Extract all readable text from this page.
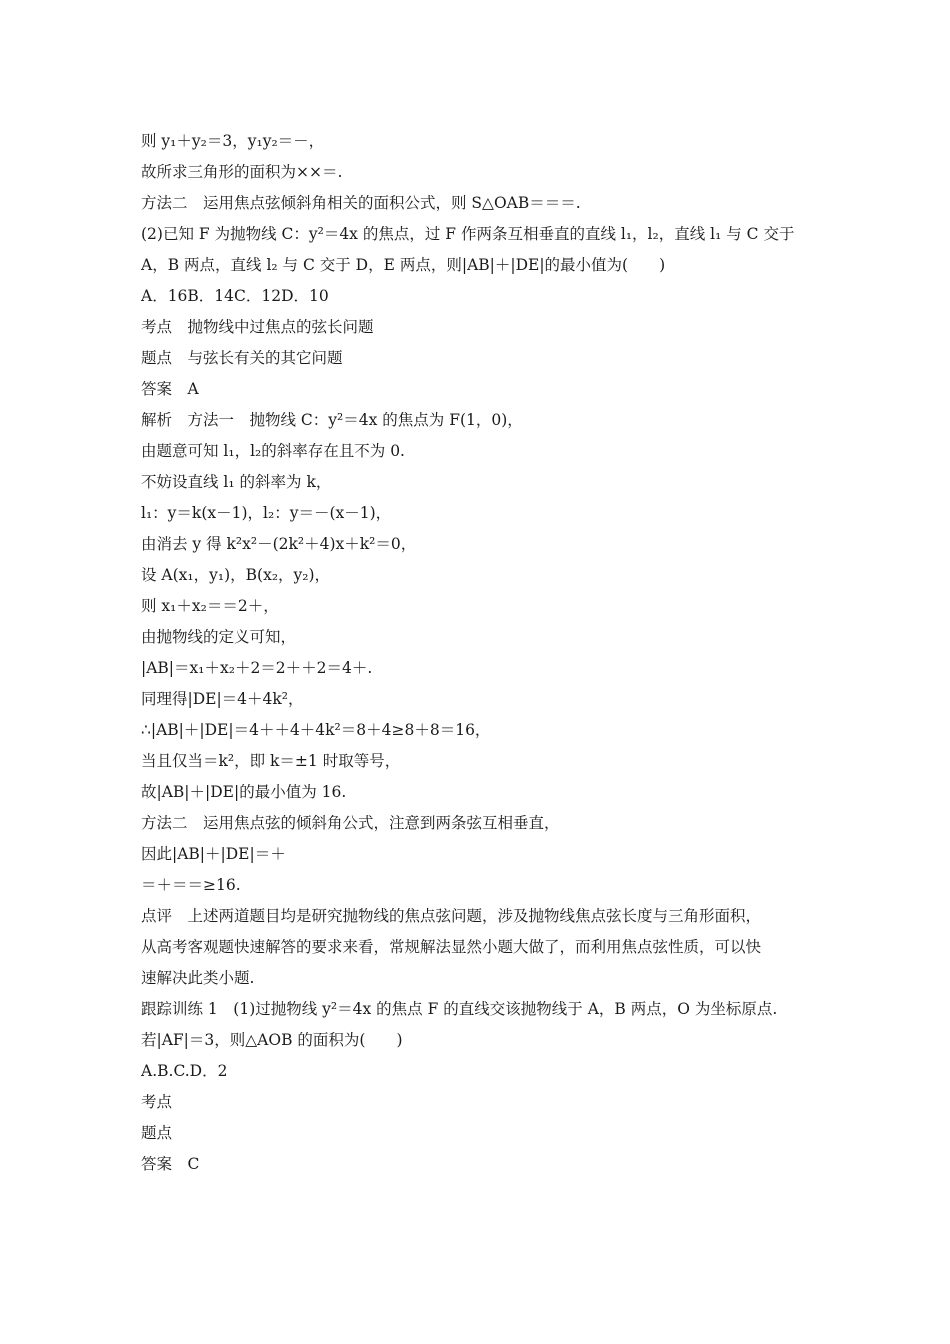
则 y₁＋y₂＝3，y₁y₂＝－，
故所求三角形的面积为××＝.
方法二　运用焦点弦倾斜角相关的面积公式，则 S△OAB＝＝＝.
(2)已知 F 为抛物线 C：y²＝4x 的焦点，过 F 作两条互相垂直的直线 l₁，l₂，直线 l₁ 与 C 交于
A，B 两点，直线 l₂ 与 C 交于 D，E 两点，则|AB|＋|DE|的最小值为(　　)
A．16B．14C．12D．10
考点　抛物线中过焦点的弦长问题
题点　与弦长有关的其它问题
答案　A
解析　方法一　抛物线 C：y²＝4x 的焦点为 F(1，0)，
由题意可知 l₁，l₂的斜率存在且不为 0.
不妨设直线 l₁ 的斜率为 k，
l₁：y＝k(x－1)，l₂：y＝－(x－1)，
由消去 y 得 k²x²－(2k²＋4)x＋k²＝0，
设 A(x₁，y₁)，B(x₂，y₂)，
则 x₁＋x₂＝＝2＋，
由抛物线的定义可知，
|AB|＝x₁＋x₂＋2＝2＋＋2＝4＋.
同理得|DE|＝4＋4k²，
∴|AB|＋|DE|＝4＋＋4＋4k²＝8＋4≥8＋8＝16，
当且仅当＝k²，即 k＝±1 时取等号，
故|AB|＋|DE|的最小值为 16.
方法二　运用焦点弦的倾斜角公式，注意到两条弦互相垂直，
因此|AB|＋|DE|＝＋
＝＋＝＝≥16.
点评　上述两道题目均是研究抛物线的焦点弦问题，涉及抛物线焦点弦长度与三角形面积，
从高考客观题快速解答的要求来看，常规解法显然小题大做了，而利用焦点弦性质，可以快
速解决此类小题.
跟踪训练 1　(1)过抛物线 y²＝4x 的焦点 F 的直线交该抛物线于 A，B 两点，O 为坐标原点.
若|AF|＝3，则△AOB 的面积为(　　)
A.B.C.D．2
考点
题点
答案　C
